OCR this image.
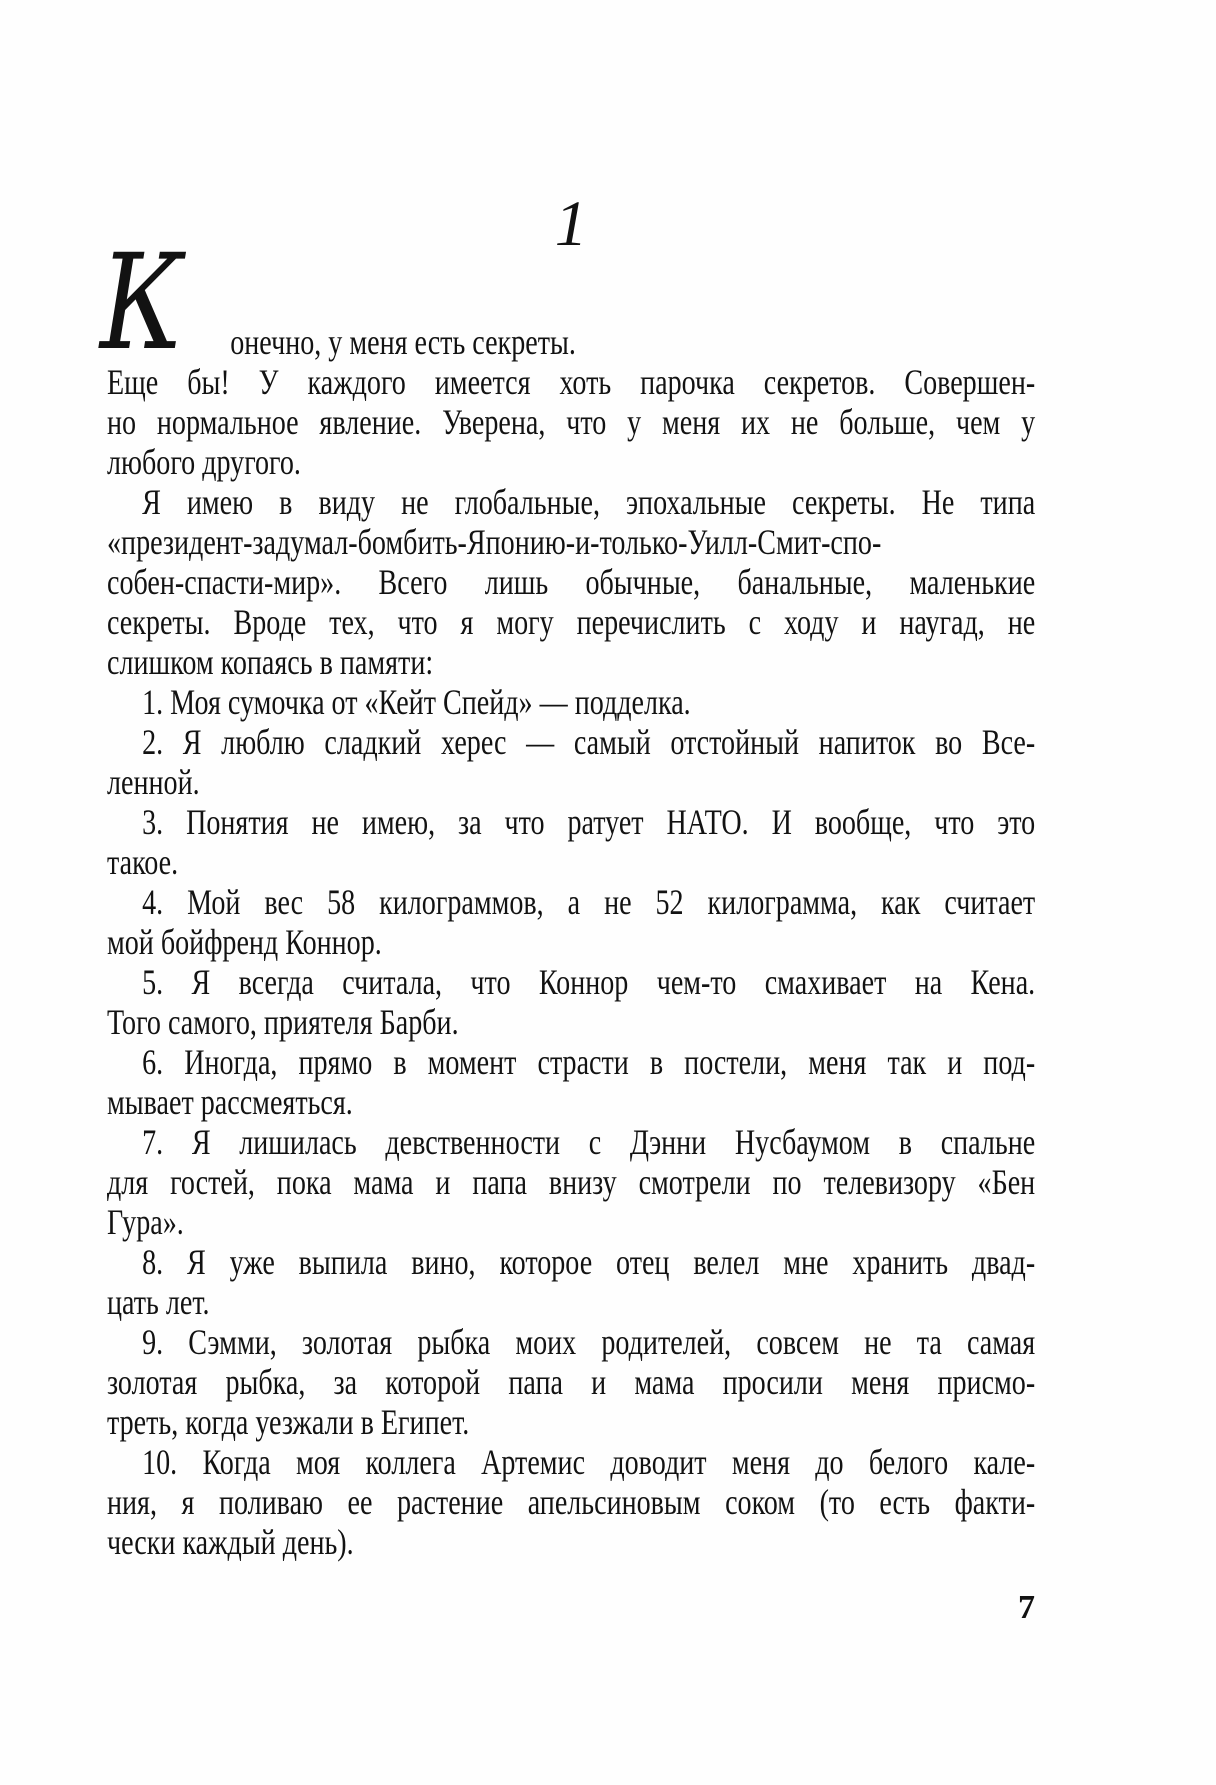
1
К	онечно, у меня есть секреты.
Еще бы! У каждого имеется хоть парочка секретов. Совершен-
но нормальное явление. Уверена, что у меня их не больше, чем у
любого другого.
Я имею в виду не глобальные, эпохальные секреты. Не типа
«президент-задумал-бомбить-Японию-и-только-Уилл-Смит-спо-
собен-спасти-мир». Всего лишь обычные, банальные, маленькие
секреты. Вроде тех, что я могу перечислить с ходу и наугад, не
слишком копаясь в памяти:
1. Моя сумочка от «Кейт Спейд» — подделка.
2. Я люблю сладкий херес — самый отстойный напиток во Все-
ленной.
3. Понятия не имею, за что ратует НАТО. И вообще, что это
такое.
4. Мой вес 58 килограммов, а не 52 килограмма, как считает
мой бойфренд Коннор.
5. Я всегда считала, что Коннор чем-то смахивает на Кена.
Того самого, приятеля Барби.
6. Иногда, прямо в момент страсти в постели, меня так и под-
мывает рассмеяться.
7. Я лишилась девственности с Дэнни Нусбаумом в спальне
для гостей, пока мама и папа внизу смотрели по телевизору «Бен
Гура».
8. Я уже выпила вино, которое отец велел мне хранить двад-
цать лет.
9. Сэмми, золотая рыбка моих родителей, совсем не та самая
золотая рыбка, за которой папа и мама просили меня присмо-
треть, когда уезжали в Египет.
10. Когда моя коллега Артемис доводит меня до белого кале-
ния, я поливаю ее растение апельсиновым соком (то есть факти-
чески каждый день).
7
